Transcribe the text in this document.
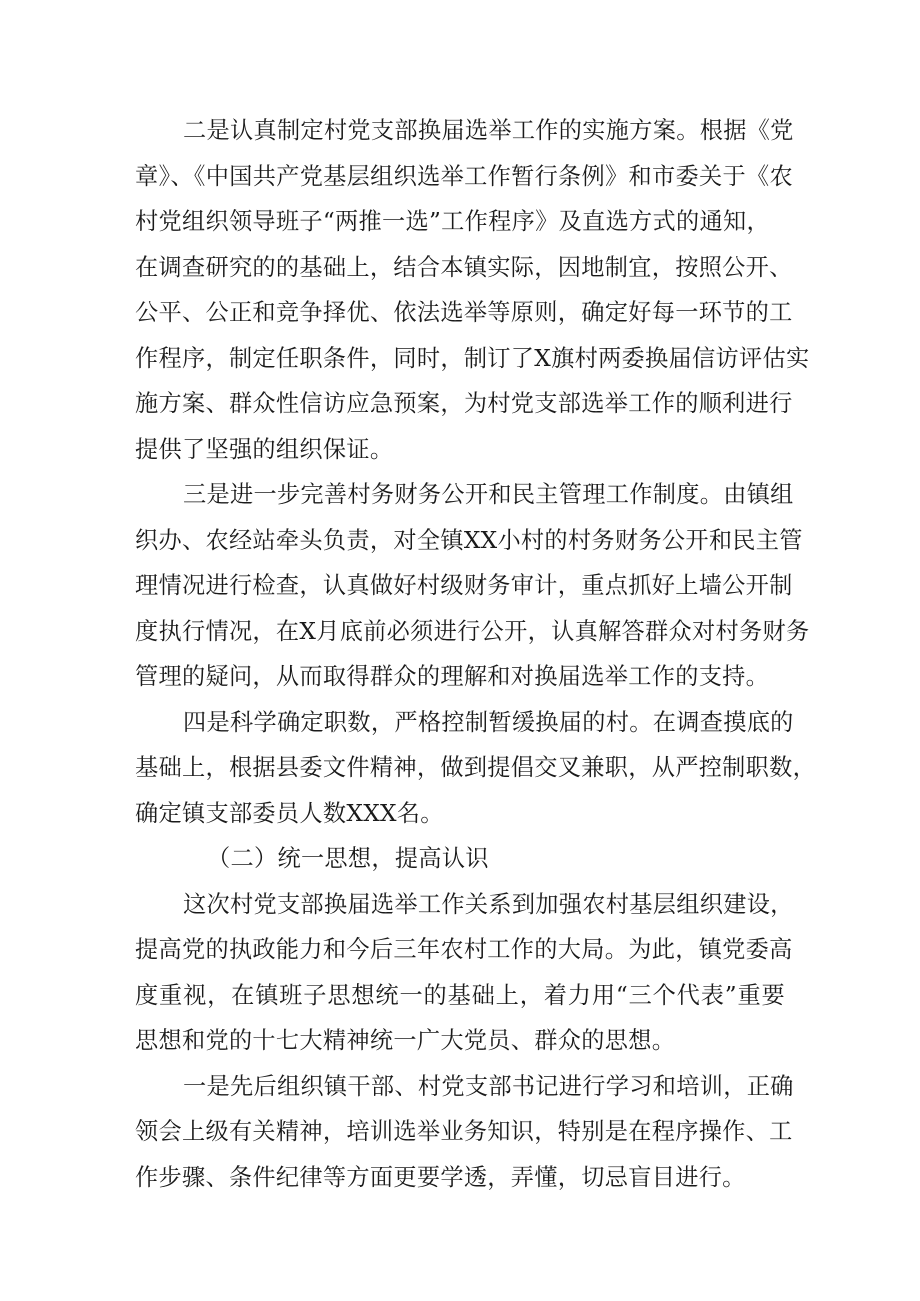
二是认真制定村党支部换届选举工作的实施方案。根据《党
章》、《中国共产党基层组织选举工作暂行条例》和市委关于《农
村党组织领导班子“两推一选”工作程序》及直选方式的通知，
在调查研究的的基础上，结合本镇实际，因地制宜，按照公开、
公平、公正和竞争择优、依法选举等原则，确定好每一环节的工
作程序，制定任职条件，同时，制订了X旗村两委换届信访评估实
施方案、群众性信访应急预案，为村党支部选举工作的顺利进行
提供了坚强的组织保证。
三是进一步完善村务财务公开和民主管理工作制度。由镇组
织办、农经站牵头负责，对全镇XX小村的村务财务公开和民主管
理情况进行检查，认真做好村级财务审计，重点抓好上墙公开制
度执行情况，在X月底前必须进行公开，认真解答群众对村务财务
管理的疑问，从而取得群众的理解和对换届选举工作的支持。
四是科学确定职数，严格控制暂缓换届的村。在调查摸底的
基础上，根据县委文件精神，做到提倡交叉兼职，从严控制职数，
确定镇支部委员人数XXX名。
（二）统一思想，提高认识
这次村党支部换届选举工作关系到加强农村基层组织建设，
提高党的执政能力和今后三年农村工作的大局。为此，镇党委高
度重视，在镇班子思想统一的基础上，着力用“三个代表”重要
思想和党的十七大精神统一广大党员、群众的思想。
一是先后组织镇干部、村党支部书记进行学习和培训，正确
领会上级有关精神，培训选举业务知识，特别是在程序操作、工
作步骤、条件纪律等方面更要学透，弄懂，切忌盲目进行。
